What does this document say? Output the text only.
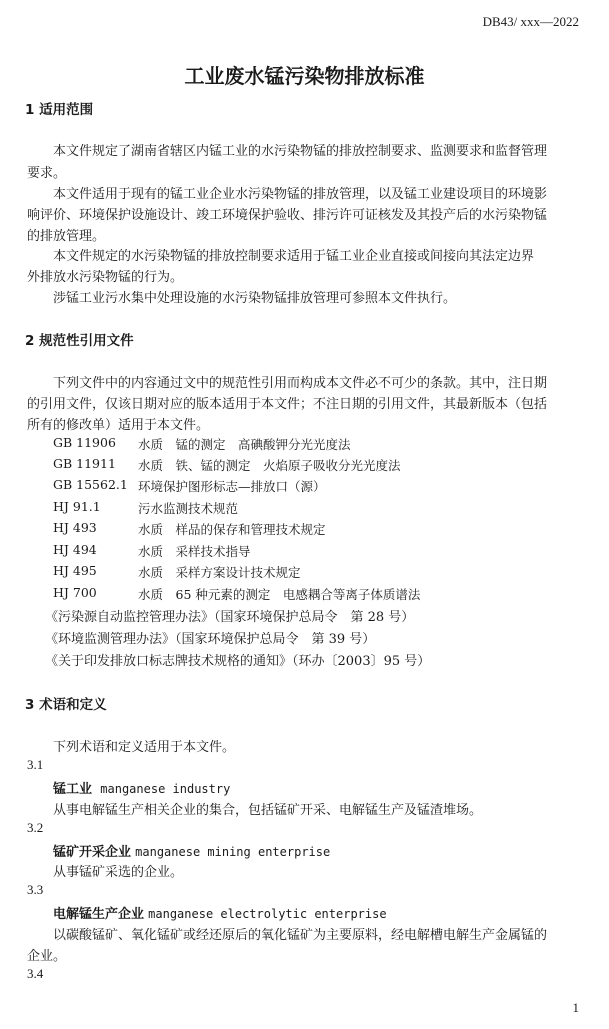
DB43/ xxx—2022
工业废水锰污染物排放标准
1 适用范围
本文件规定了湖南省辖区内锰工业的水污染物锰的排放控制要求、监测要求和监督管理
要求。
本文件适用于现有的锰工业企业水污染物锰的排放管理，以及锰工业建设项目的环境影
响评价、环境保护设施设计、竣工环境保护验收、排污许可证核发及其投产后的水污染物锰
的排放管理。
本文件规定的水污染物锰的排放控制要求适用于锰工业企业直接或间接向其法定边界
外排放水污染物锰的行为。
涉锰工业污水集中处理设施的水污染物锰排放管理可参照本文件执行。
2 规范性引用文件
下列文件中的内容通过文中的规范性引用而构成本文件必不可少的条款。其中，注日期
的引用文件，仅该日期对应的版本适用于本文件；不注日期的引用文件，其最新版本（包括
所有的修改单）适用于本文件。
GB 11906 水质　锰的测定　高碘酸钾分光光度法
GB 11911 水质　铁、锰的测定　火焰原子吸收分光光度法
GB 15562.1 环境保护图形标志—排放口（源）
HJ 91.1	污水监测技术规范
HJ 493	水质　样品的保存和管理技术规定
HJ 494	水质　采样技术指导
HJ 495	水质　采样方案设计技术规定
HJ 700	水质　65 种元素的测定　电感耦合等离子体质谱法
《污染源自动监控管理办法》（国家环境保护总局令　第 28 号）
《环境监测管理办法》（国家环境保护总局令　第 39 号）
《关于印发排放口标志牌技术规格的通知》（环办〔2003〕95 号）
3 术语和定义
下列术语和定义适用于本文件。
3.1
锰工业 manganese industry
从事电解锰生产相关企业的集合，包括锰矿开采、电解锰生产及锰渣堆场。
3.2
锰矿开采企业 manganese mining enterprise
从事锰矿采选的企业。
3.3
电解锰生产企业 manganese electrolytic enterprise
以碳酸锰矿、氧化锰矿或经还原后的氧化锰矿为主要原料，经电解槽电解生产金属锰的
企业。
3.4
1
